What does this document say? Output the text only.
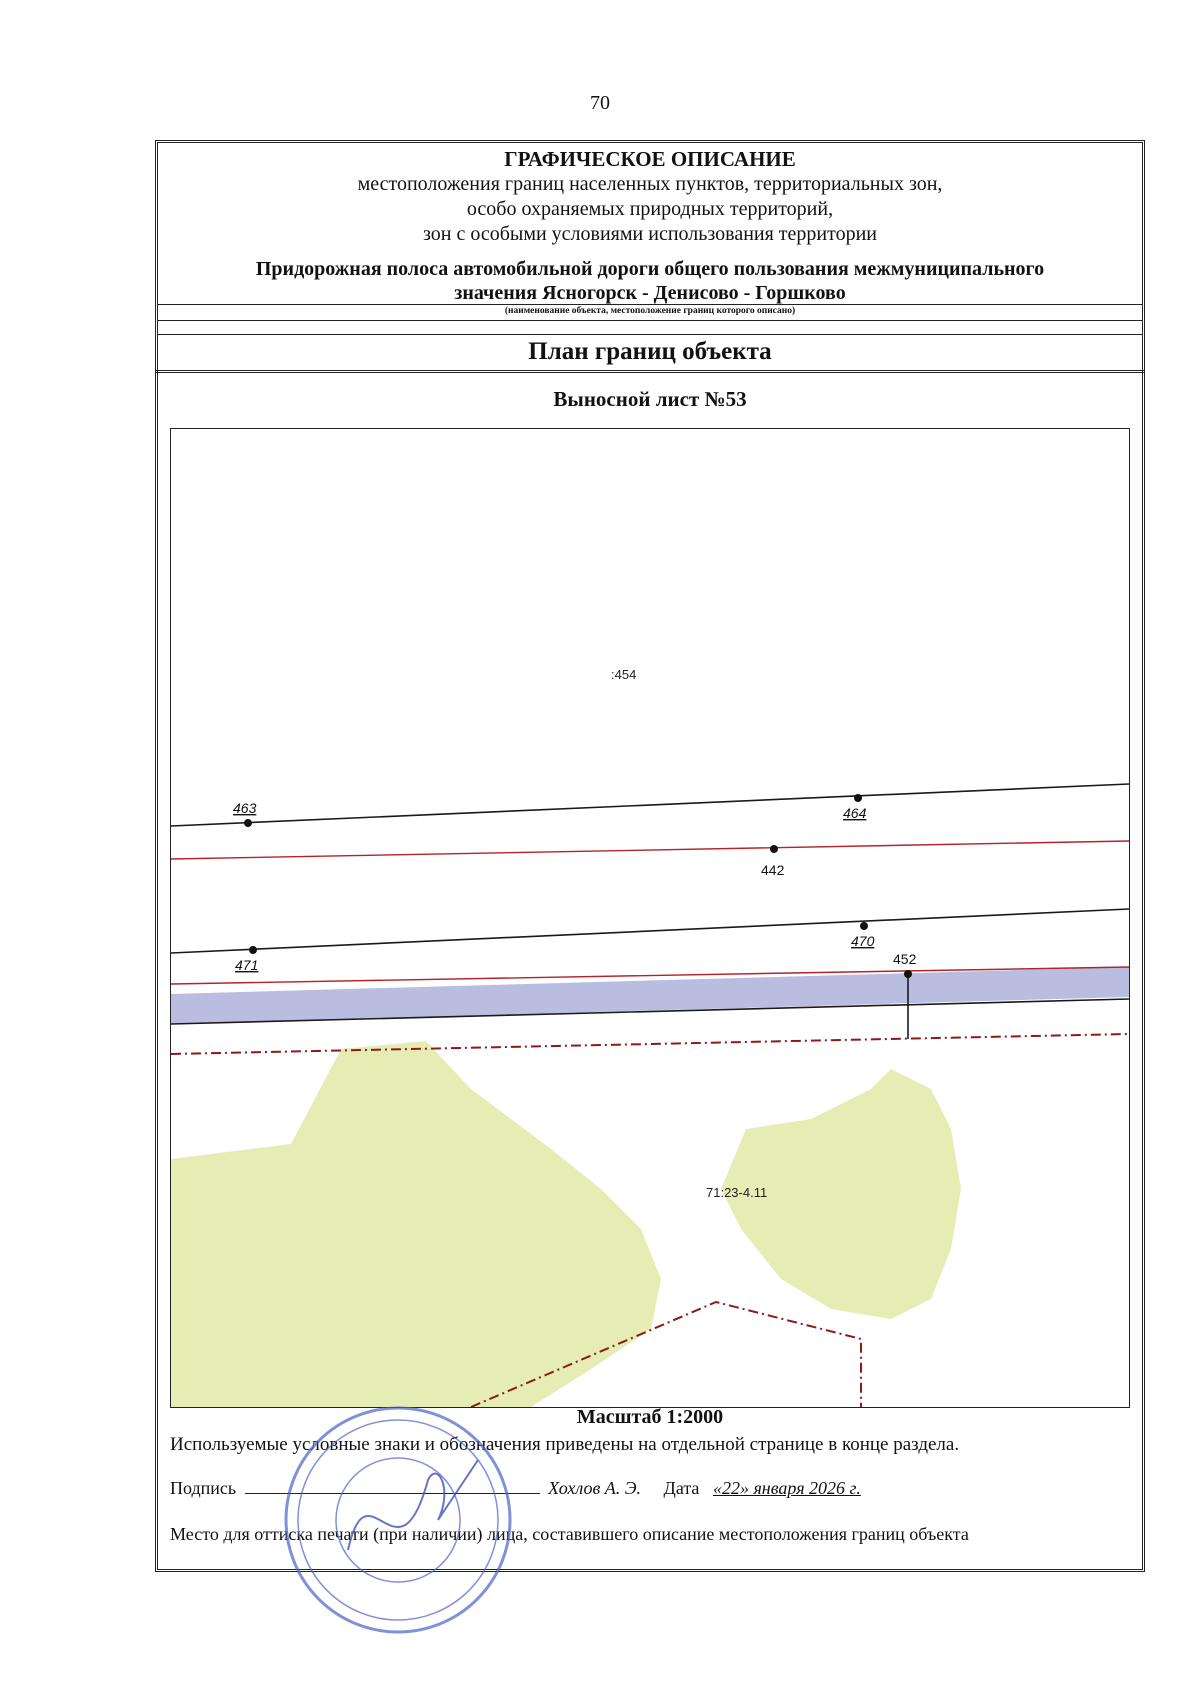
70
ГРАФИЧЕСКОЕ ОПИСАНИЕ
местоположения границ населенных пунктов, территориальных зон,
особо охраняемых природных территорий,
зон с особыми условиями использования территории
Придорожная полоса автомобильной дороги общего пользования межмуниципального
значения Ясногорск - Денисово - Горшково
(наименование объекта, местоположение границ которого описано)
План границ объекта
Выносной лист №53
:454
71:23-4.11
463	464
442
470
471	452
Масштаб 1:2000
Используемые условные знаки и обозначения приведены на отдельной странице в конце раздела.
Подпись	Хохлов А. Э. Дата «22» января 2026 г.
Место для оттиска печати (при наличии) лица, составившего описание местоположения границ объекта
